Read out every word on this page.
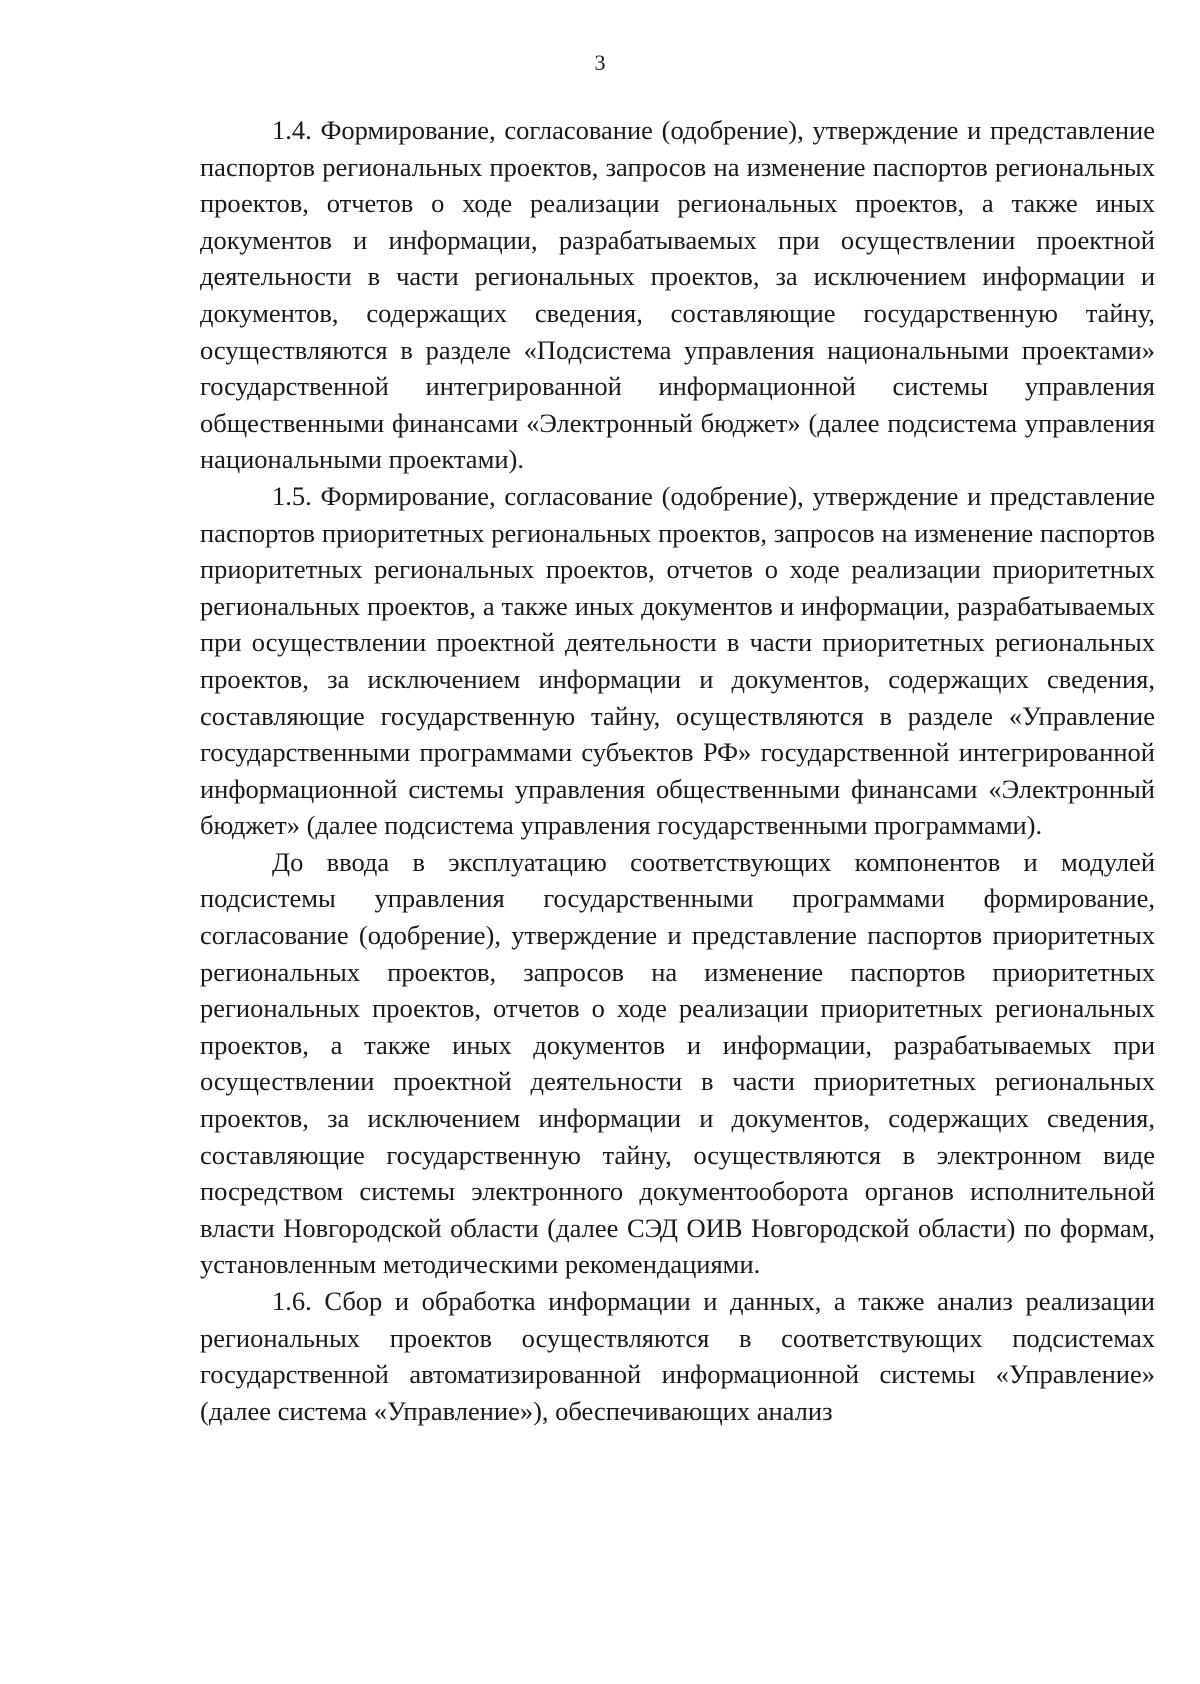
3

1.4. Формирование, согласование (одобрение), утверждение и представление паспортов региональных проектов, запросов на изменение паспортов региональных проектов, отчетов о ходе реализации региональных проектов, а также иных документов и информации, разрабатываемых при осуществлении проектной деятельности в части региональных проектов, за исключением информации и документов, содержащих сведения, составляющие государственную тайну, осуществляются в разделе «Подсистема управления национальными проектами» государственной интегрированной информационной системы управления общественными финансами «Электронный бюджет» (далее подсистема управления национальными проектами).

1.5. Формирование, согласование (одобрение), утверждение и представление паспортов приоритетных региональных проектов, запросов на изменение паспортов приоритетных региональных проектов, отчетов о ходе реализации приоритетных региональных проектов, а также иных документов и информации, разрабатываемых при осуществлении проектной деятельности в части приоритетных региональных проектов, за исключением информации и документов, содержащих сведения, составляющие государственную тайну, осуществляются в разделе «Управление государственными программами субъектов РФ» государственной интегрированной информационной системы управления общественными финансами «Электронный бюджет» (далее подсистема управления государственными программами).

До ввода в эксплуатацию соответствующих компонентов и модулей подсистемы управления государственными программами формирование, согласование (одобрение), утверждение и представление паспортов приоритетных региональных проектов, запросов на изменение паспортов приоритетных региональных проектов, отчетов о ходе реализации приоритетных региональных проектов, а также иных документов и информации, разрабатываемых при осуществлении проектной деятельности в части приоритетных региональных проектов, за исключением информации и документов, содержащих сведения, составляющие государственную тайну, осуществляются в электронном виде посредством системы электронного документооборота органов исполнительной власти Новгородской области (далее СЭД ОИВ Новгородской области) по формам, установленным методическими рекомендациями.

1.6. Сбор и обработка информации и данных, а также анализ реализации региональных проектов осуществляются в соответствующих подсистемах государственной автоматизированной информационной системы «Управление» (далее система «Управление»), обеспечивающих анализ
